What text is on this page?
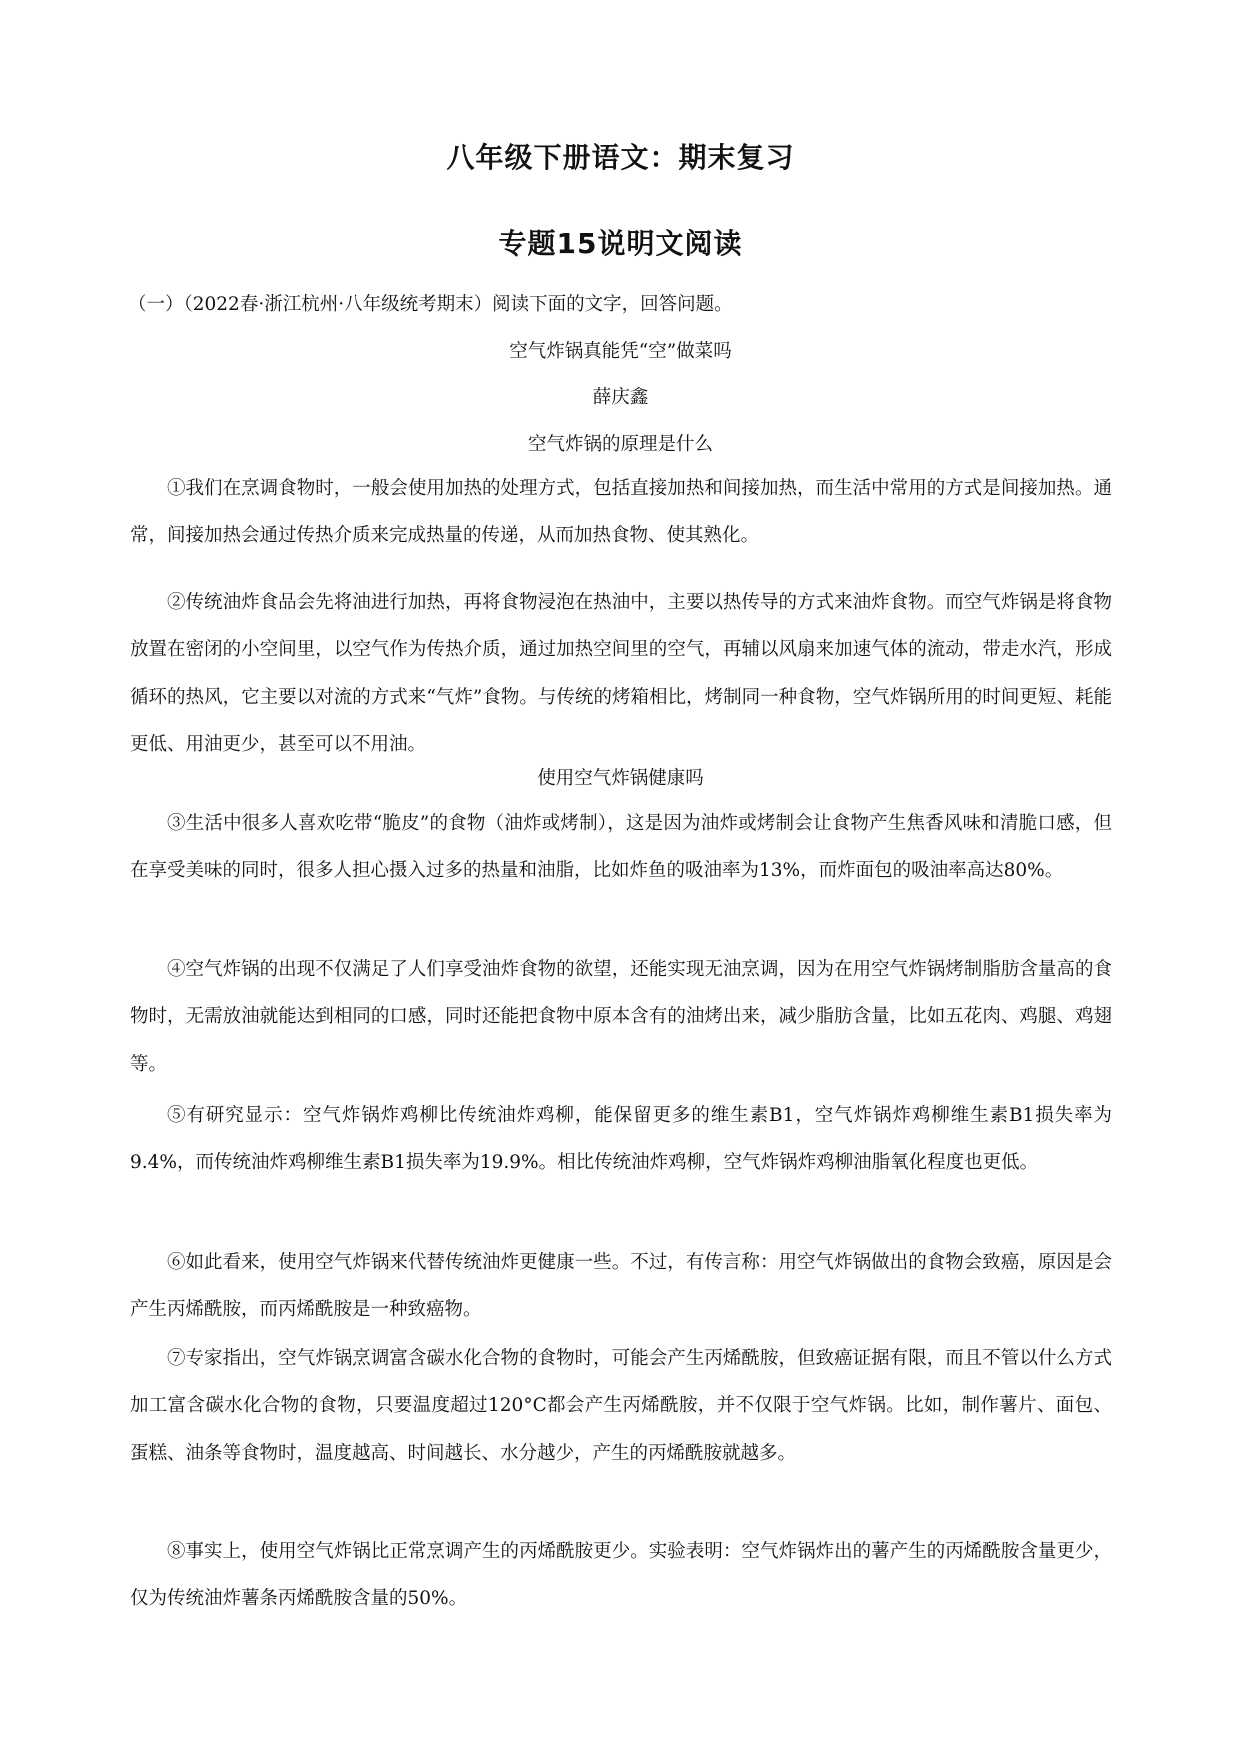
八年级下册语文：期末复习
专题15说明文阅读
（一）（2022春·浙江杭州·八年级统考期末）阅读下面的文字，回答问题。
空气炸锅真能凭“空”做菜吗
薛庆鑫
空气炸锅的原理是什么

①我们在烹调食物时，一般会使用加热的处理方式，包括直接加热和间接加热，而生活中常用的方式是间接加热。通常，间接加热会通过传热介质来完成热量的传递，从而加热食物、使其熟化。

②传统油炸食品会先将油进行加热，再将食物浸泡在热油中，主要以热传导的方式来油炸食物。而空气炸锅是将食物放置在密闭的小空间里，以空气作为传热介质，通过加热空间里的空气，再辅以风扇来加速气体的流动，带走水汽，形成循环的热风，它主要以对流的方式来“气炸”食物。与传统的烤箱相比，烤制同一种食物，空气炸锅所用的时间更短、耗能更低、用油更少，甚至可以不用油。

使用空气炸锅健康吗

③生活中很多人喜欢吃带“脆皮”的食物（油炸或烤制），这是因为油炸或烤制会让食物产生焦香风味和清脆口感，但在享受美味的同时，很多人担心摄入过多的热量和油脂，比如炸鱼的吸油率为13%，而炸面包的吸油率高达80%。

④空气炸锅的出现不仅满足了人们享受油炸食物的欲望，还能实现无油烹调，因为在用空气炸锅烤制脂肪含量高的食物时，无需放油就能达到相同的口感，同时还能把食物中原本含有的油烤出来，减少脂肪含量，比如五花肉、鸡腿、鸡翅等。

⑤有研究显示：空气炸锅炸鸡柳比传统油炸鸡柳，能保留更多的维生素B1，空气炸锅炸鸡柳维生素B1损失率为9.4%，而传统油炸鸡柳维生素B1损失率为19.9%。相比传统油炸鸡柳，空气炸锅炸鸡柳油脂氧化程度也更低。

⑥如此看来，使用空气炸锅来代替传统油炸更健康一些。不过，有传言称：用空气炸锅做出的食物会致癌，原因是会产生丙烯酰胺，而丙烯酰胺是一种致癌物。

⑦专家指出，空气炸锅烹调富含碳水化合物的食物时，可能会产生丙烯酰胺，但致癌证据有限，而且不管以什么方式加工富含碳水化合物的食物，只要温度超过120°C都会产生丙烯酰胺，并不仅限于空气炸锅。比如，制作薯片、面包、蛋糕、油条等食物时，温度越高、时间越长、水分越少，产生的丙烯酰胺就越多。

⑧事实上，使用空气炸锅比正常烹调产生的丙烯酰胺更少。实验表明：空气炸锅炸出的薯产生的丙烯酰胺含量更少，仅为传统油炸薯条丙烯酰胺含量的50%。
